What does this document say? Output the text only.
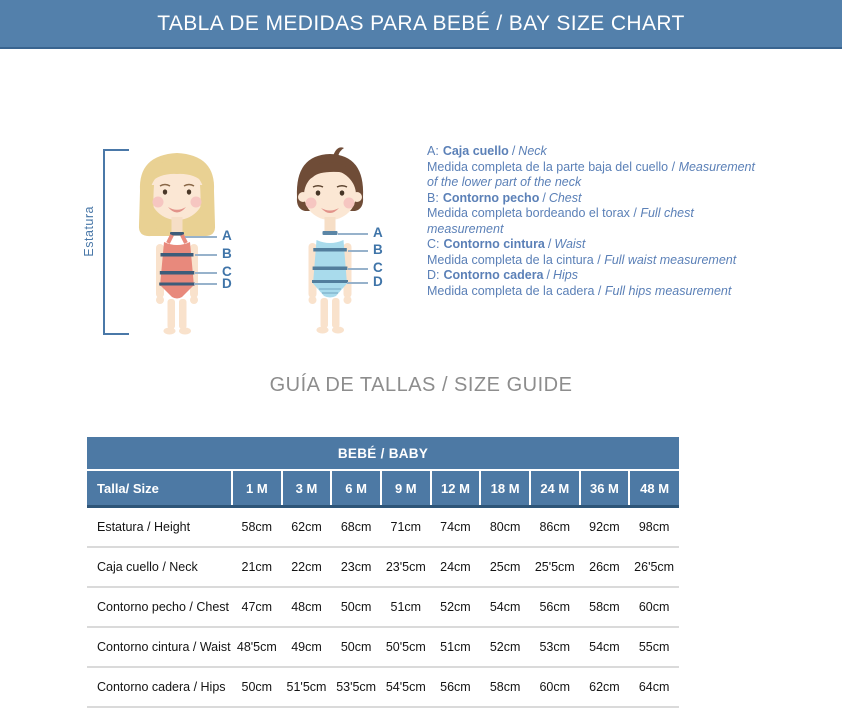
TABLA DE MEDIDAS PARA BEBÉ / BAY SIZE CHART
Estatura	A
B
C
D
A
B
C
D
A: Caja cuello / Neck
Medida completa de la parte baja del cuello / Measurement of the lower part of the neck
B: Contorno pecho / Chest
Medida completa bordeando el torax / Full chest measurement
C: Contorno cintura / Waist
Medida completa de la cintura / Full waist measurement
D: Contorno cadera / Hips
Medida completa de la cadera / Full hips measurement
GUÍA DE TALLAS / SIZE GUIDE
BEBÉ / BABY									
Talla/ Size	1 M	3 M	6 M	9 M	12 M	18 M	24 M	36 M	48 M
Estatura / Height	58cm	62cm	68cm	71cm	74cm	80cm	86cm	92cm	98cm
Caja cuello / Neck	21cm	22cm	23cm	23'5cm	24cm	25cm	25'5cm	26cm	26'5cm
Contorno pecho / Chest	47cm	48cm	50cm	51cm	52cm	54cm	56cm	58cm	60cm
Contorno cintura / Waist	48'5cm	49cm	50cm	50'5cm	51cm	52cm	53cm	54cm	55cm
Contorno cadera / Hips	50cm	51'5cm	53'5cm	54'5cm	56cm	58cm	60cm	62cm	64cm
